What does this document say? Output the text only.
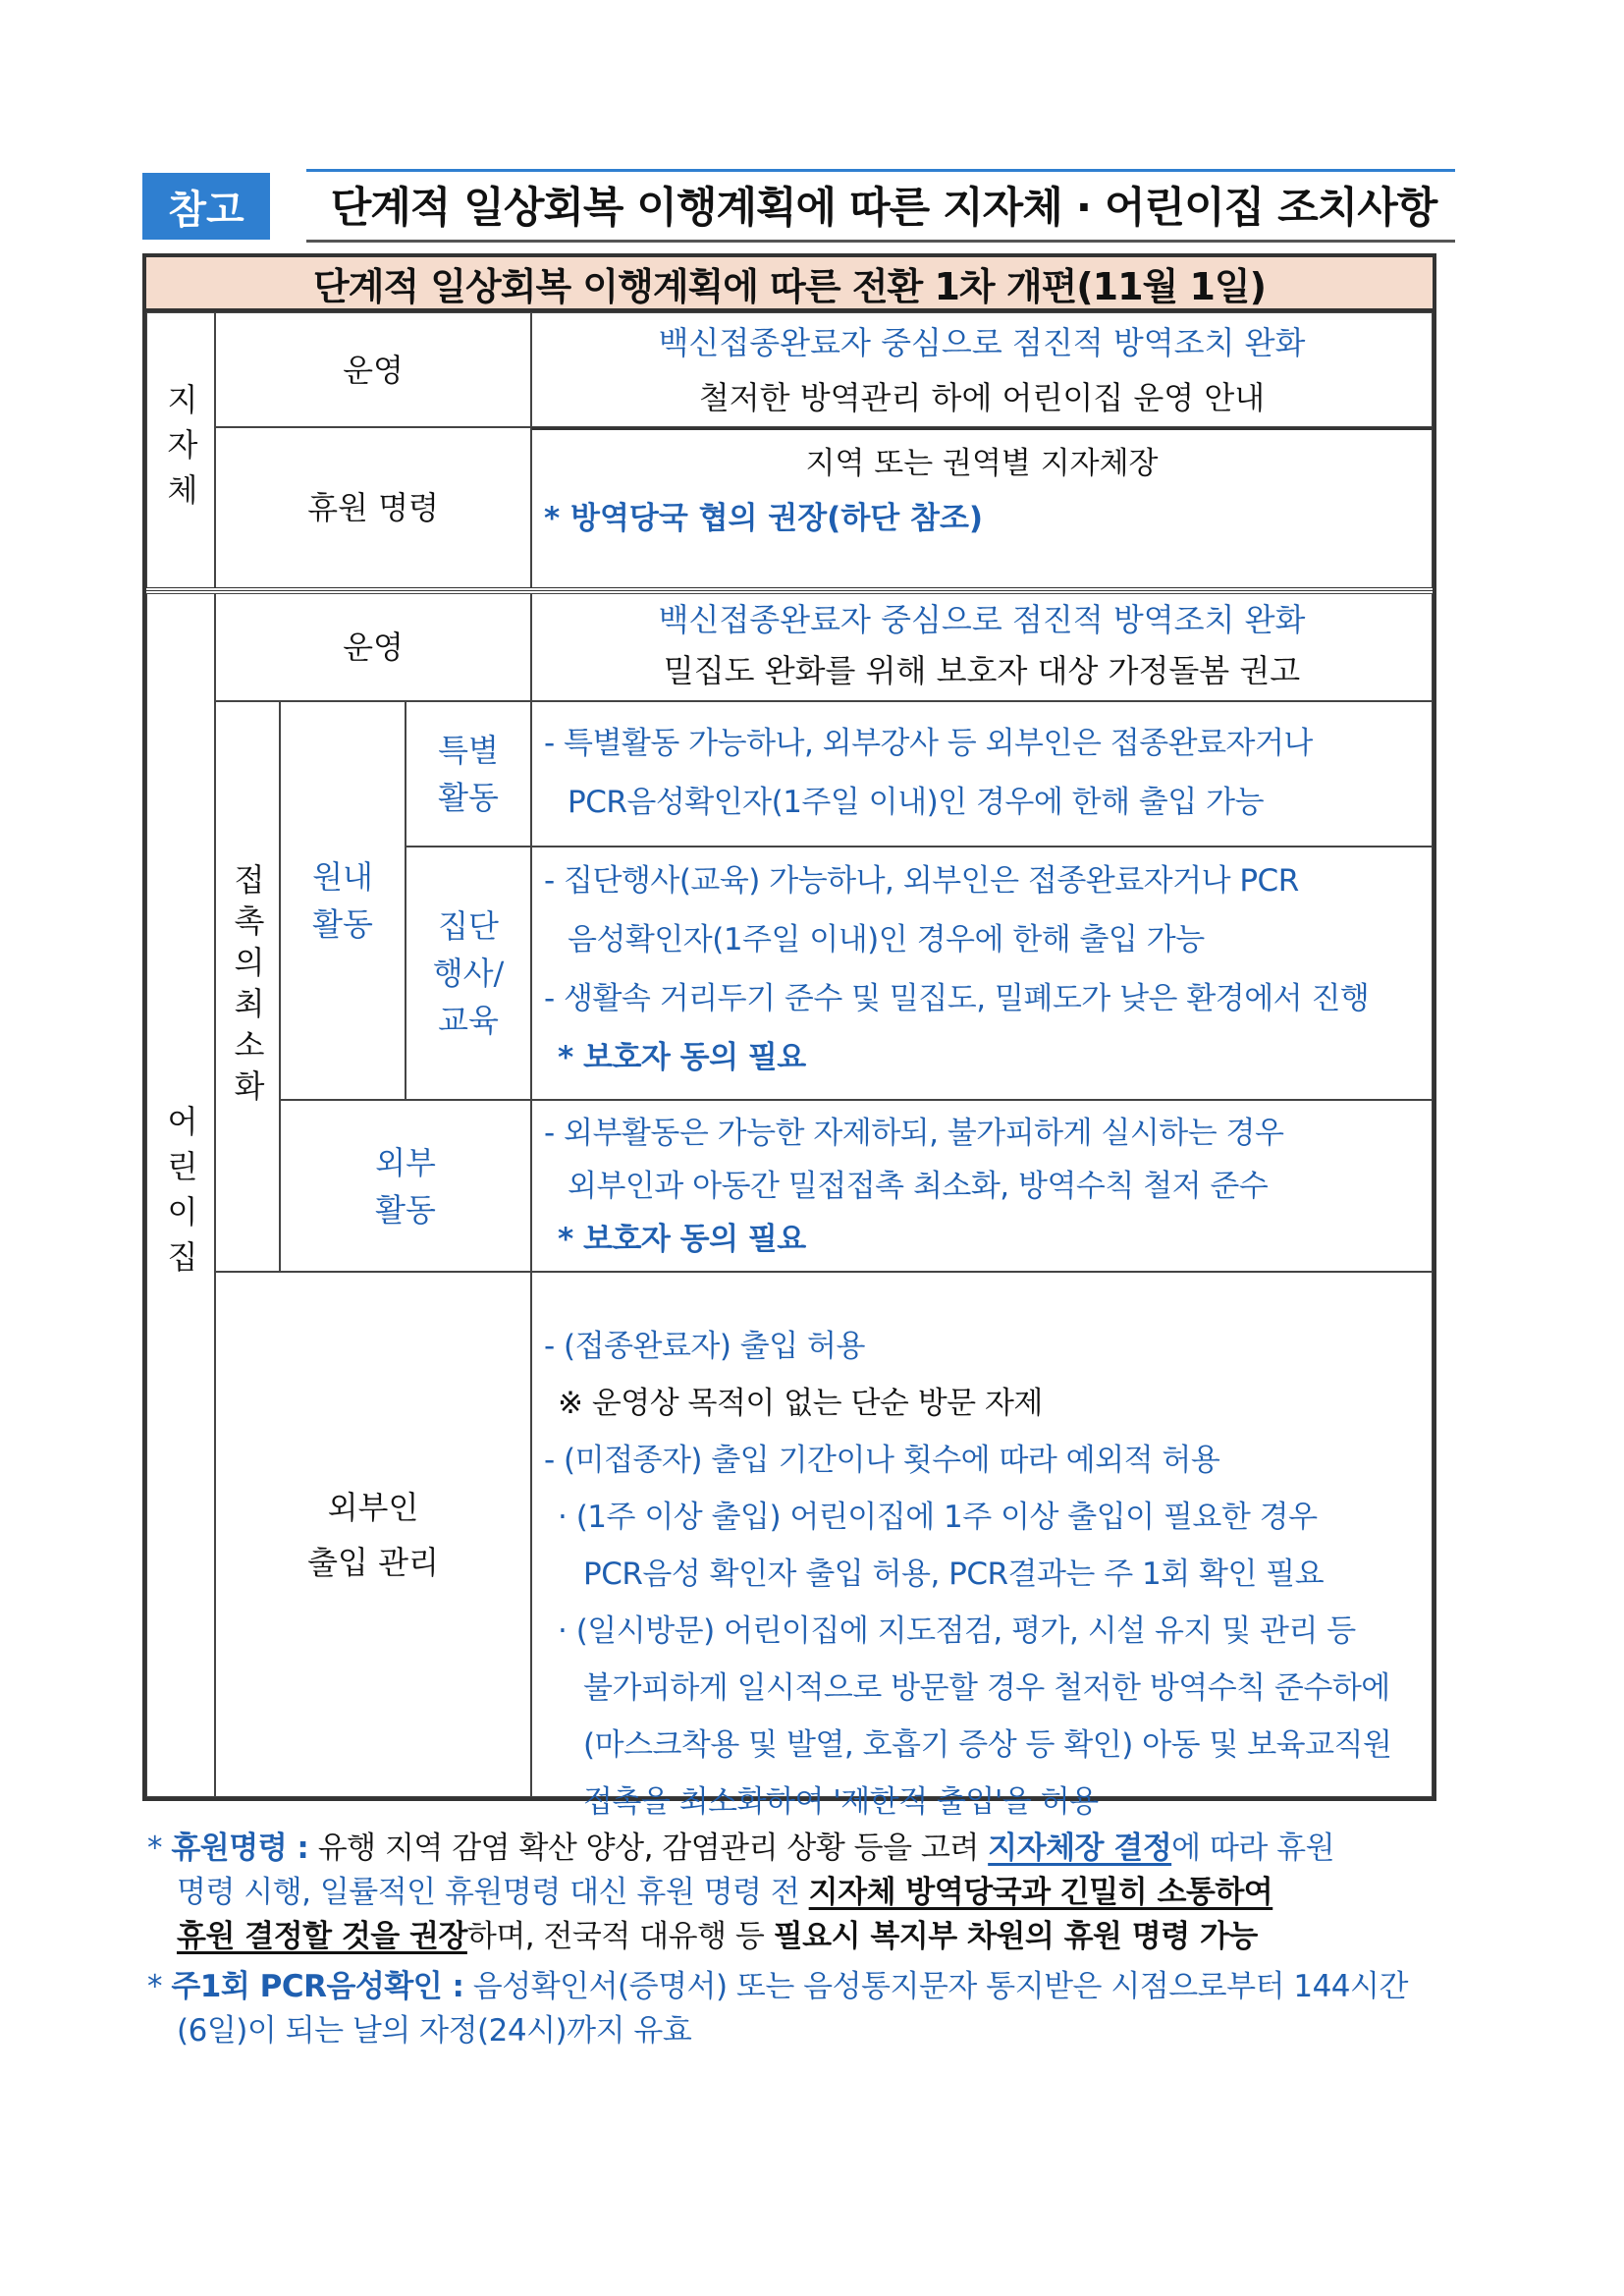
참고	단계적 일상회복 이행계획에 따른 지자체 · 어린이집 조치사항
단계적 일상회복 이행계획에 따른 전환 1차 개편(11월 1일)
지자체
운영
백신접종완료자 중심으로 점진적 방역조치 완화
철저한 방역관리 하에 어린이집 운영 안내
휴원 명령
지역 또는 권역별 지자체장
* 방역당국 협의 권장(하단 참조)
어린이집
운영
백신접종완료자 중심으로 점진적 방역조치 완화
밀집도 완화를 위해 보호자 대상 가정돌봄 권고
접촉의최소화	원내활동
특별활동

- 특별활동 가능하나, 외부강사 등 외부인은 접종완료자거나

PCR음성확인자(1주일 이내)인 경우에 한해 출입 가능

집단행사/교육

- 집단행사(교육) 가능하나, 외부인은 접종완료자거나 PCR

음성확인자(1주일 이내)인 경우에 한해 출입 가능

- 생활속 거리두기 준수 및 밀집도, 밀폐도가 낮은 환경에서 진행

* 보호자 동의 필요

외부활동

- 외부활동은 가능한 자제하되, 불가피하게 실시하는 경우

외부인과 아동간 밀접접촉 최소화, 방역수칙 철저 준수

* 보호자 동의 필요

외부인
출입 관리

- (접종완료자) 출입 허용

※ 운영상 목적이 없는 단순 방문 자제

- (미접종자) 출입 기간이나 횟수에 따라 예외적 허용

· (1주 이상 출입) 어린이집에 1주 이상 출입이 필요한 경우

PCR음성 확인자 출입 허용, PCR결과는 주 1회 확인 필요

· (일시방문) 어린이집에 지도점검, 평가, 시설 유지 및 관리 등

불가피하게 일시적으로 방문할 경우 철저한 방역수칙 준수하에

(마스크착용 및 발열, 호흡기 증상 등 확인) 아동 및 보육교직원

접촉을 최소화하여 '제한적 출입'을 허용

* 휴원명령 : 유행 지역 감염 확산 양상, 감염관리 상황 등을 고려 지자체장 결정에 따라 휴원
명령 시행, 일률적인 휴원명령 대신 휴원 명령 전 지자체 방역당국과 긴밀히 소통하여
휴원 결정할 것을 권장하며, 전국적 대유행 등 필요시 복지부 차원의 휴원 명령 가능

* 주1회 PCR음성확인 : 음성확인서(증명서) 또는 음성통지문자 통지받은 시점으로부터 144시간
(6일)이 되는 날의 자정(24시)까지 유효
